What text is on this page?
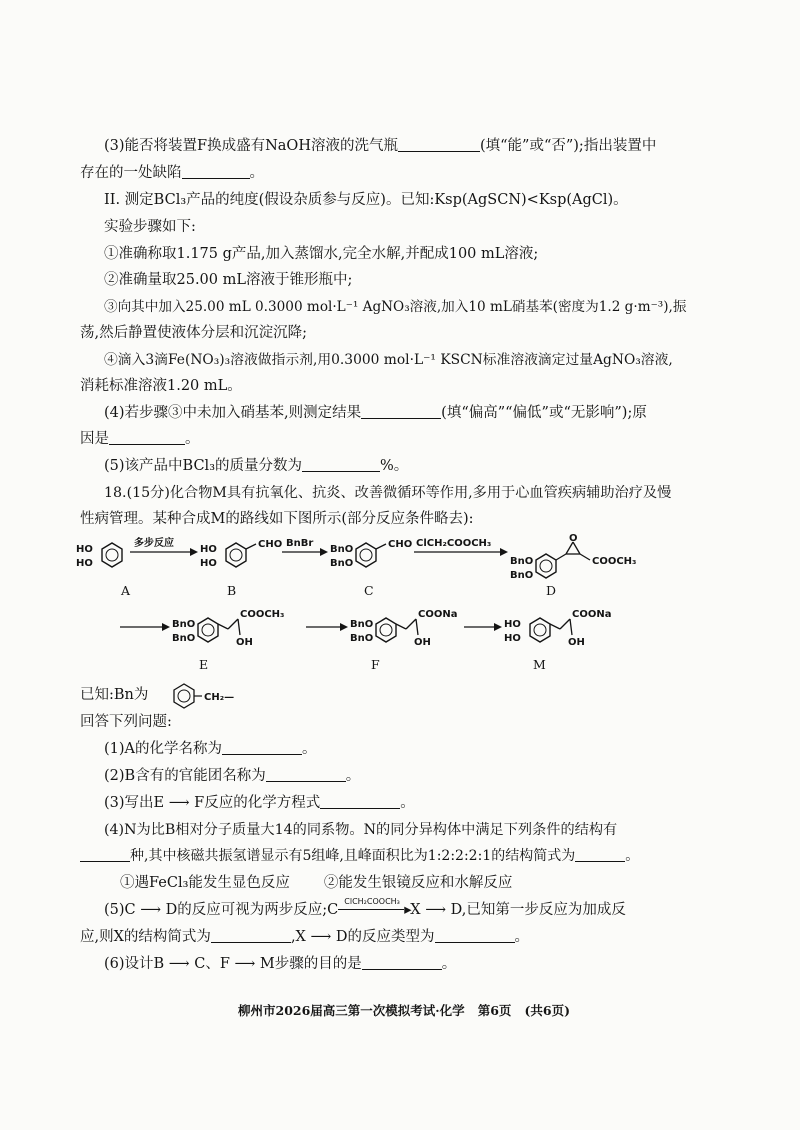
(3)能否将装置F换成盛有NaOH溶液的洗气瓶	(填“能”或“否”);指出装置中
存在的一处缺陷	。
II. 测定BCl₃产品的纯度(假设杂质参与反应)。已知:Ksp(AgSCN)<Ksp(AgCl)。
实验步骤如下:
①准确称取1.175 g产品,加入蒸馏水,完全水解,并配成100 mL溶液;
②准确量取25.00 mL溶液于锥形瓶中;
③向其中加入25.00 mL 0.3000 mol·L⁻¹ AgNO₃溶液,加入10 mL硝基苯(密度为1.2 g·m⁻³),振
荡,然后静置使液体分层和沉淀沉降;
④滴入3滴Fe(NO₃)₃溶液做指示剂,用0.3000 mol·L⁻¹ KSCN标准溶液滴定过量AgNO₃溶液,
消耗标准溶液1.20 mL。
(4)若步骤③中未加入硝基苯,则测定结果	(填“偏高”“偏低”或“无影响”);原
因是	。
(5)该产品中BCl₃的质量分数为	%。
18.(15分)化合物M具有抗氧化、抗炎、改善微循环等作用,多用于心血管疾病辅助治疗及慢
性病管理。某种合成M的路线如下图所示(部分反应条件略去):
HO
HO
多步反应
HO
HO
CHO BnBr
BnO
BnO
CHO ClCH₂COOCH₃
BnO
BnO
O
COOCH₃
A	B	C	D
BnO
BnO
COOCH₃
OH
BnO
BnO
COONa
OH
HO
HO
COONa
OH
E	F	M
已知:Bn为	CH₂—
回答下列问题:
(1)A的化学名称为	。
(2)B含有的官能团名称为	。
(3)写出E ⟶ F反应的化学方程式	。
(4)N为比B相对分子质量大14的同系物。N的同分异构体中满足下列条件的结构有
种,其中核磁共振氢谱显示有5组峰,且峰面积比为1:2:2:2:1的结构简式为	。
①遇FeCl₃能发生显色反应 ②能发生银镜反应和水解反应
(5)C ⟶ D的反应可视为两步反应;C
ClCH₂COOCH₃
▸X ⟶ D,已知第一步反应为加成反
应,则X的结构简式为	,X ⟶ D的反应类型为	。
(6)设计B ⟶ C、F ⟶ M步骤的目的是	。
柳州市2026届高三第一次模拟考试·化学   第6页   (共6页)
